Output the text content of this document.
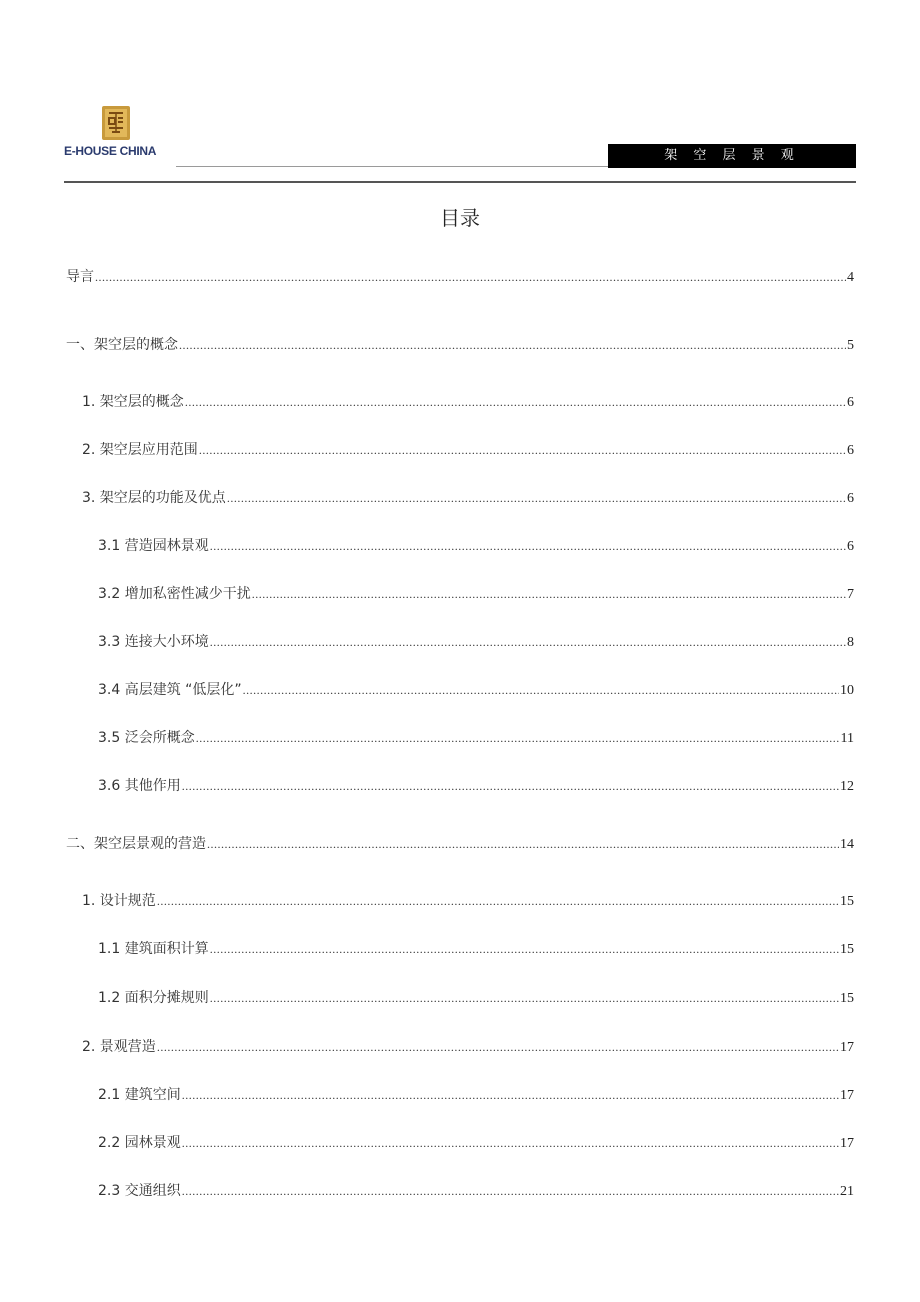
E-HOUSE CHINA	架 空 层 景 观
目录
导言 .....	4
一、架空层的概念 .....	5
1. 架空层的概念 .....	6
2. 架空层应用范围 .....	6
3. 架空层的功能及优点 .....	6
3.1 营造园林景观 .....	6
3.2 增加私密性减少干扰 .....	7
3.3 连接大小环境 .....	8
3.4 高层建筑 “低层化” .....	10
3.5 泛会所概念 .....	11
3.6 其他作用 .....	12
二、架空层景观的营造 .....	14
1. 设计规范 .....	15
1.1 建筑面积计算 .....	15
1.2 面积分摊规则 .....	15
2. 景观营造 .....	17
2.1 建筑空间 .....	17
2.2 园林景观 .....	17
2.3 交通组织 .....	21
